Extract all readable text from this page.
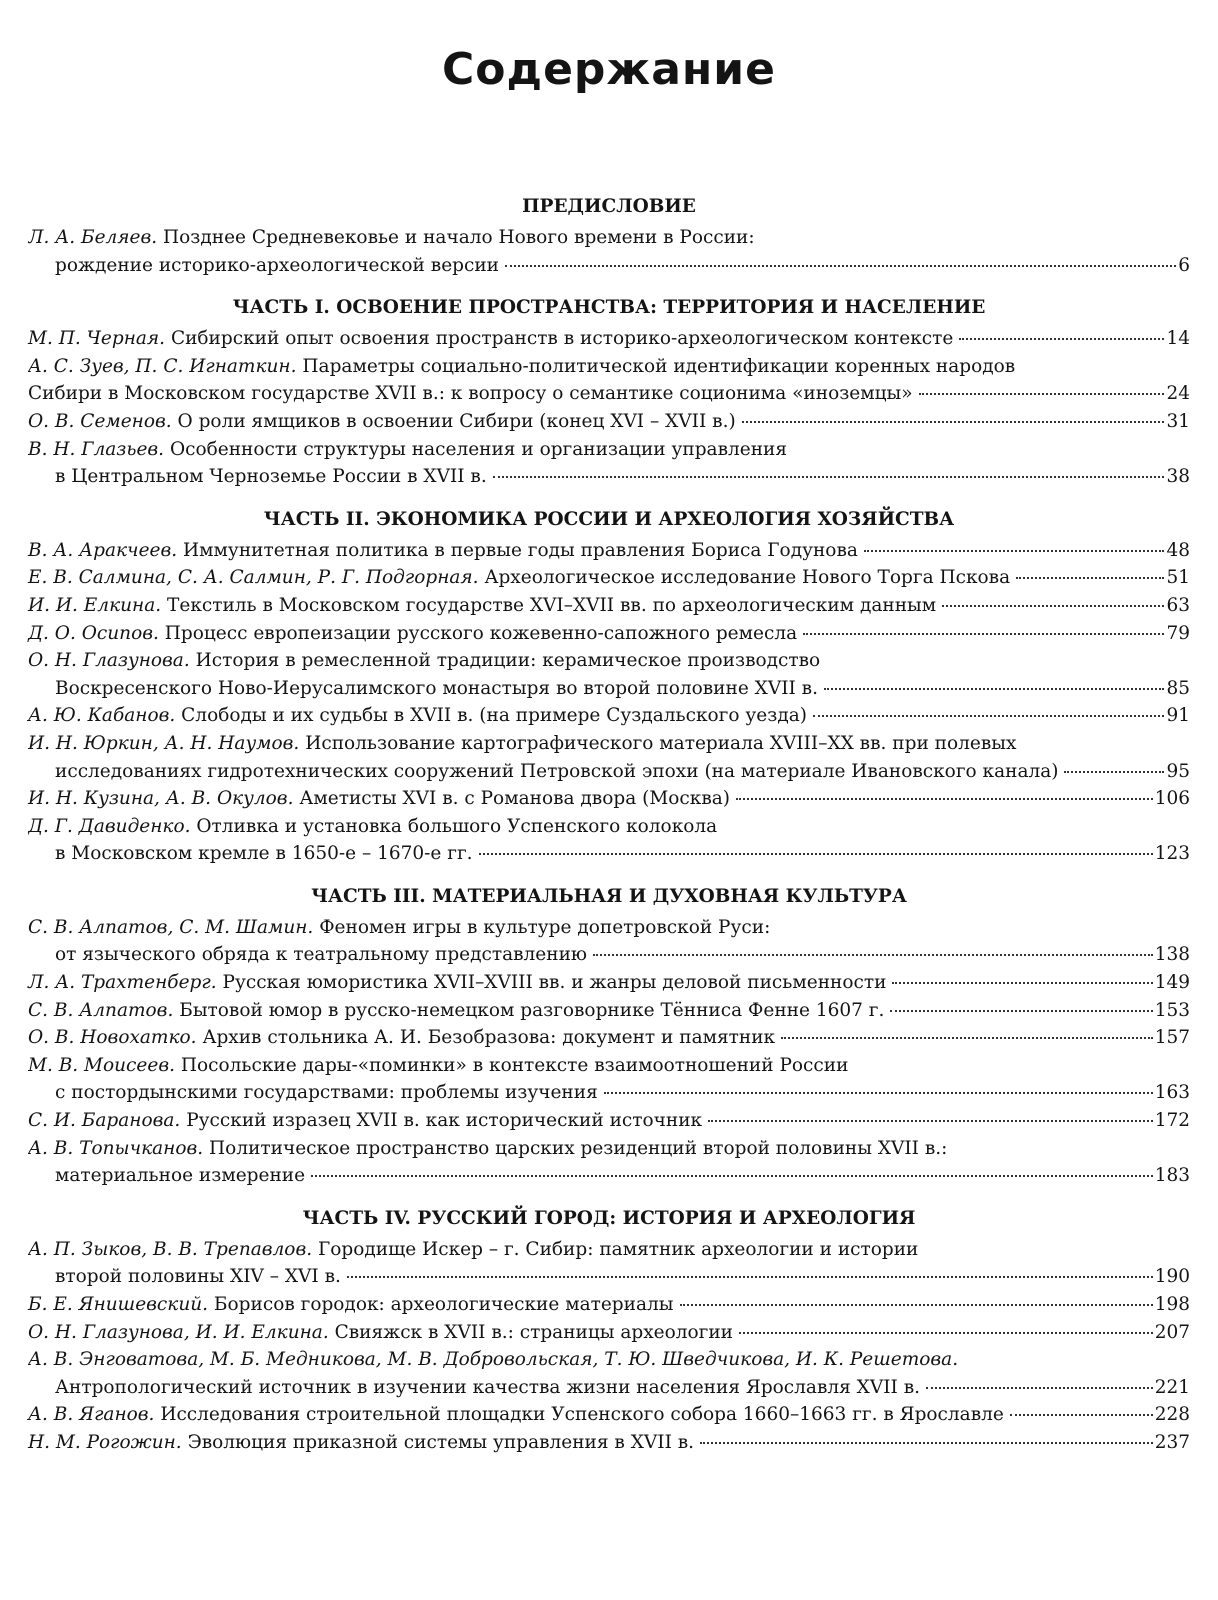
Содержание
ПРЕДИСЛОВИЕ
Л. А. Беляев. Позднее Средневековье и начало Нового времени в России:
рождение историко-археологической версии	6
ЧАСТЬ I. ОСВОЕНИЕ ПРОСТРАНСТВА: ТЕРРИТОРИЯ И НАСЕЛЕНИЕ
М. П. Черная. Сибирский опыт освоения пространств в историко-археологическом контексте	14
А. С. Зуев, П. С. Игнаткин. Параметры социально-политической идентификации коренных народов
Сибири в Московском государстве XVII в.: к вопросу о семантике соционима «иноземцы»	24
О. В. Семенов. О роли ямщиков в освоении Сибири (конец XVI – XVII в.)	31
В. Н. Глазьев. Особенности структуры населения и организации управления
в Центральном Черноземье России в XVII в.	38
ЧАСТЬ II. ЭКОНОМИКА РОССИИ И АРХЕОЛОГИЯ ХОЗЯЙСТВА
В. А. Аракчеев. Иммунитетная политика в первые годы правления Бориса Годунова	48
Е. В. Салмина, С. А. Салмин, Р. Г. Подгорная. Археологическое исследование Нового Торга Пскова	51
И. И. Елкина. Текстиль в Московском государстве XVI–XVII вв. по археологическим данным	63
Д. О. Осипов. Процесс европеизации русского кожевенно-сапожного ремесла	79
О. Н. Глазунова. История в ремесленной традиции: керамическое производство
Воскресенского Ново-Иерусалимского монастыря во второй половине XVII в.	85
А. Ю. Кабанов. Слободы и их судьбы в XVII в. (на примере Суздальского уезда)	91
И. Н. Юркин, А. Н. Наумов. Использование картографического материала XVIII–XX вв. при полевых
исследованиях гидротехнических сооружений Петровской эпохи (на материале Ивановского канала)	95
И. Н. Кузина, А. В. Окулов. Аметисты XVI в. с Романова двора (Москва)	106
Д. Г. Давиденко. Отливка и установка большого Успенского колокола
в Московском кремле в 1650-е – 1670-е гг.	123
ЧАСТЬ III. МАТЕРИАЛЬНАЯ И ДУХОВНАЯ КУЛЬТУРА
С. В. Алпатов, С. М. Шамин. Феномен игры в культуре допетровской Руси:
от языческого обряда к театральному представлению	138
Л. А. Трахтенберг. Русская юмористика XVII–XVIII вв. и жанры деловой письменности	149
С. В. Алпатов. Бытовой юмор в русско-немецком разговорнике Тённиса Фенне 1607 г.	153
О. В. Новохатко. Архив стольника А. И. Безобразова: документ и памятник	157
М. В. Моисеев. Посольские дары-«поминки» в контексте взаимоотношений России
с постордынскими государствами: проблемы изучения	163
С. И. Баранова. Русский изразец XVII в. как исторический источник	172
А. В. Топычканов. Политическое пространство царских резиденций второй половины XVII в.:
материальное измерение	183
ЧАСТЬ IV. РУССКИЙ ГОРОД: ИСТОРИЯ И АРХЕОЛОГИЯ
А. П. Зыков, В. В. Трепавлов. Городище Искер – г. Сибир: памятник археологии и истории
второй половины XIV – XVI в.	190
Б. Е. Янишевский. Борисов городок: археологические материалы	198
О. Н. Глазунова, И. И. Елкина. Свияжск в XVII в.: страницы археологии	207
А. В. Энговатова, М. Б. Медникова, М. В. Добровольская, Т. Ю. Шведчикова, И. К. Решетова.
Антропологический источник в изучении качества жизни населения Ярославля XVII в.	221
А. В. Яганов. Исследования строительной площадки Успенского собора 1660–1663 гг. в Ярославле	228
Н. М. Рогожин. Эволюция приказной системы управления в XVII в.	237
